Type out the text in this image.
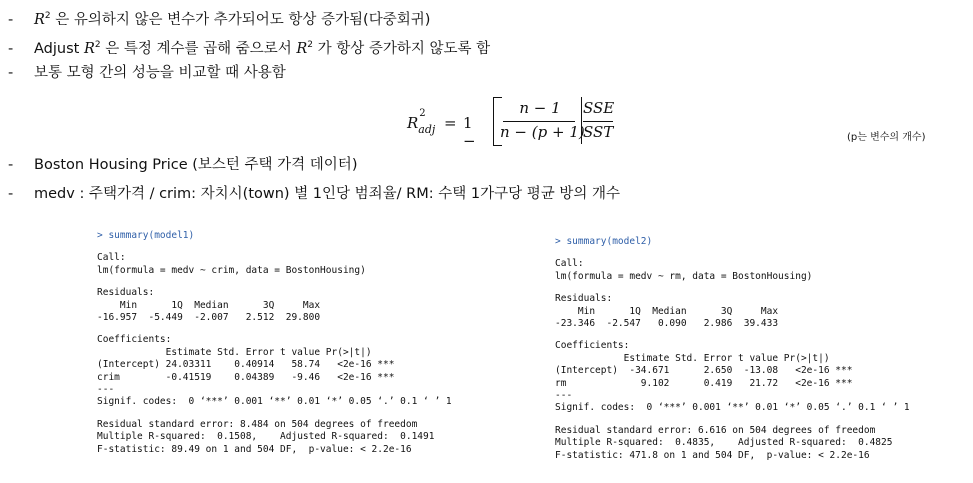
- $R^2$ 은 유의하지 않은 변수가 추가되어도 항상 증가됨(다중회귀)
- Adjust $R^2$ 은 특정 계수를 곱해 줌으로서 $R^2$ 가 항상 증가하지 않도록 함
- 보통 모형 간의 성능을 비교할 때 사용함
R
2
adj = 1 −
n − 1
n − (p + 1)
SSE
SST	(p는 변수의 개수)
- Boston Housing Price (보스턴 주택 가격 데이터)
- medv : 주택가격 / crim: 자치시(town) 별 1인당 범죄율/ RM: 수택 1가구당 평균 방의 개수
> summary(model1)
Call:
lm(formula = medv ~ crim, data = BostonHousing)
Residuals:
Min      1Q  Median      3Q     Max
-16.957  -5.449  -2.007   2.512  29.800
Coefficients:
Estimate Std. Error t value Pr(>|t|)
(Intercept) 24.03311    0.40914   58.74   <2e-16 ***
crim        -0.41519    0.04389   -9.46   <2e-16 ***
---
Signif. codes:  0 ‘***’ 0.001 ‘**’ 0.01 ‘*’ 0.05 ‘.’ 0.1 ‘ ’ 1
Residual standard error: 8.484 on 504 degrees of freedom
Multiple R-squared:  0.1508,	Adjusted R-squared:  0.1491
F-statistic: 89.49 on 1 and 504 DF,  p-value: < 2.2e-16
> summary(model2)
Call:
lm(formula = medv ~ rm, data = BostonHousing)
Residuals:
Min      1Q  Median      3Q     Max
-23.346  -2.547   0.090   2.986  39.433
Coefficients:
Estimate Std. Error t value Pr(>|t|)
(Intercept)  -34.671      2.650  -13.08   <2e-16 ***
rm             9.102      0.419   21.72   <2e-16 ***
---
Signif. codes:  0 ‘***’ 0.001 ‘**’ 0.01 ‘*’ 0.05 ‘.’ 0.1 ‘ ’ 1
Residual standard error: 6.616 on 504 degrees of freedom
Multiple R-squared:  0.4835,	Adjusted R-squared:  0.4825
F-statistic: 471.8 on 1 and 504 DF,  p-value: < 2.2e-16
